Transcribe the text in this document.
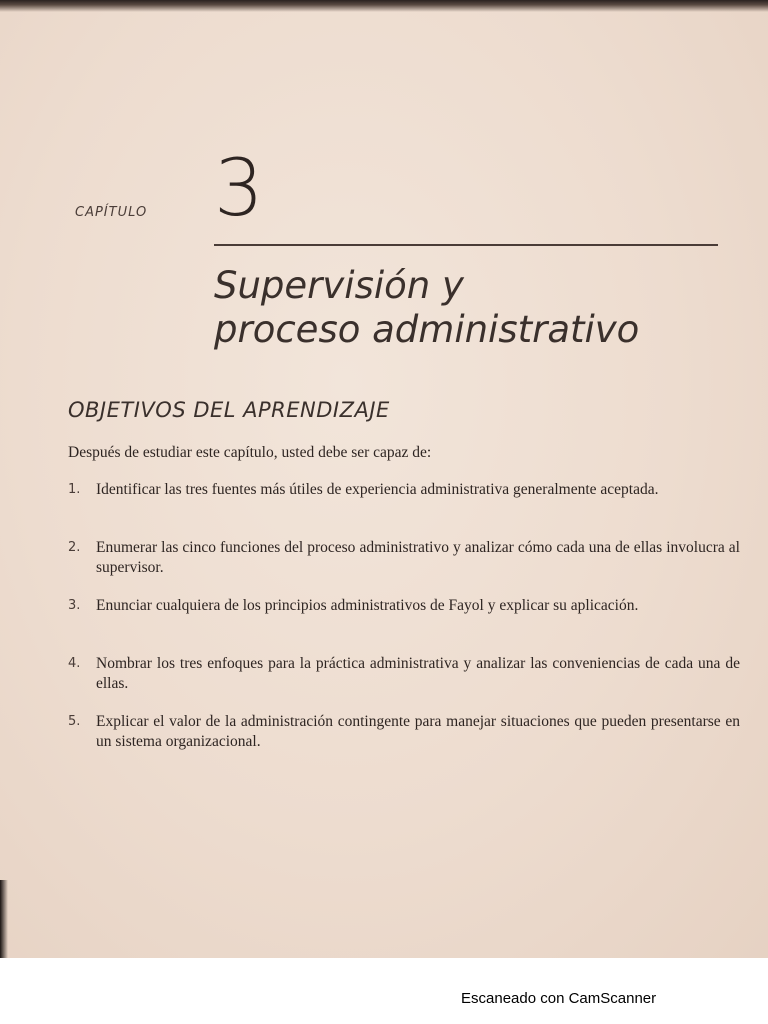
CAPÍTULO 3
Supervisión y
proceso administrativo
OBJETIVOS DEL APRENDIZAJE
Después de estudiar este capítulo, usted debe ser capaz de:
1. Identificar las tres fuentes más útiles de experiencia administrativa generalmente aceptada.
2. Enumerar las cinco funciones del proceso administrativo y analizar cómo cada una de ellas involucra al supervisor.
3. Enunciar cualquiera de los principios administrativos de Fayol y explicar su aplicación.
4. Nombrar los tres enfoques para la práctica administrativa y analizar las conveniencias de cada una de ellas.
5. Explicar el valor de la administración contingente para manejar situaciones que pueden presentarse en un sistema organizacional.
Escaneado con CamScanner
